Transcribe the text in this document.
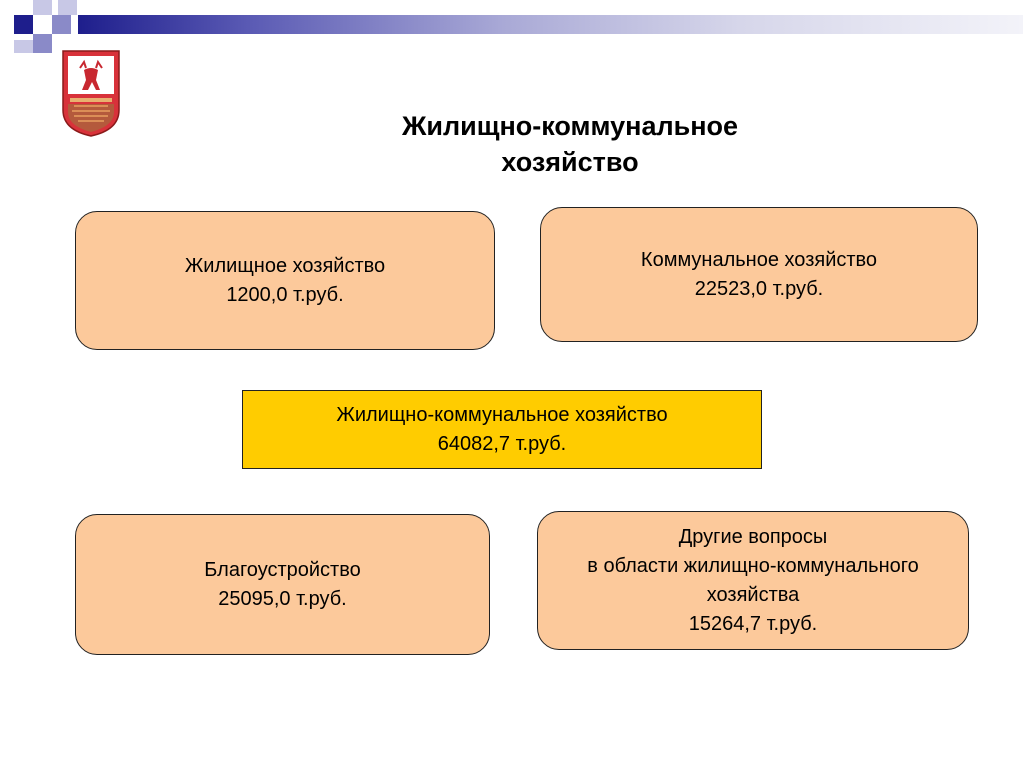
Жилищно-коммунальное
хозяйство
Жилищное хозяйство
1200,0 т.руб.
Коммунальное хозяйство
22523,0 т.руб.
Жилищно-коммунальное хозяйство
64082,7 т.руб.
Благоустройство
25095,0 т.руб.
Другие вопросы
в области жилищно-коммунального
хозяйства
15264,7 т.руб.
